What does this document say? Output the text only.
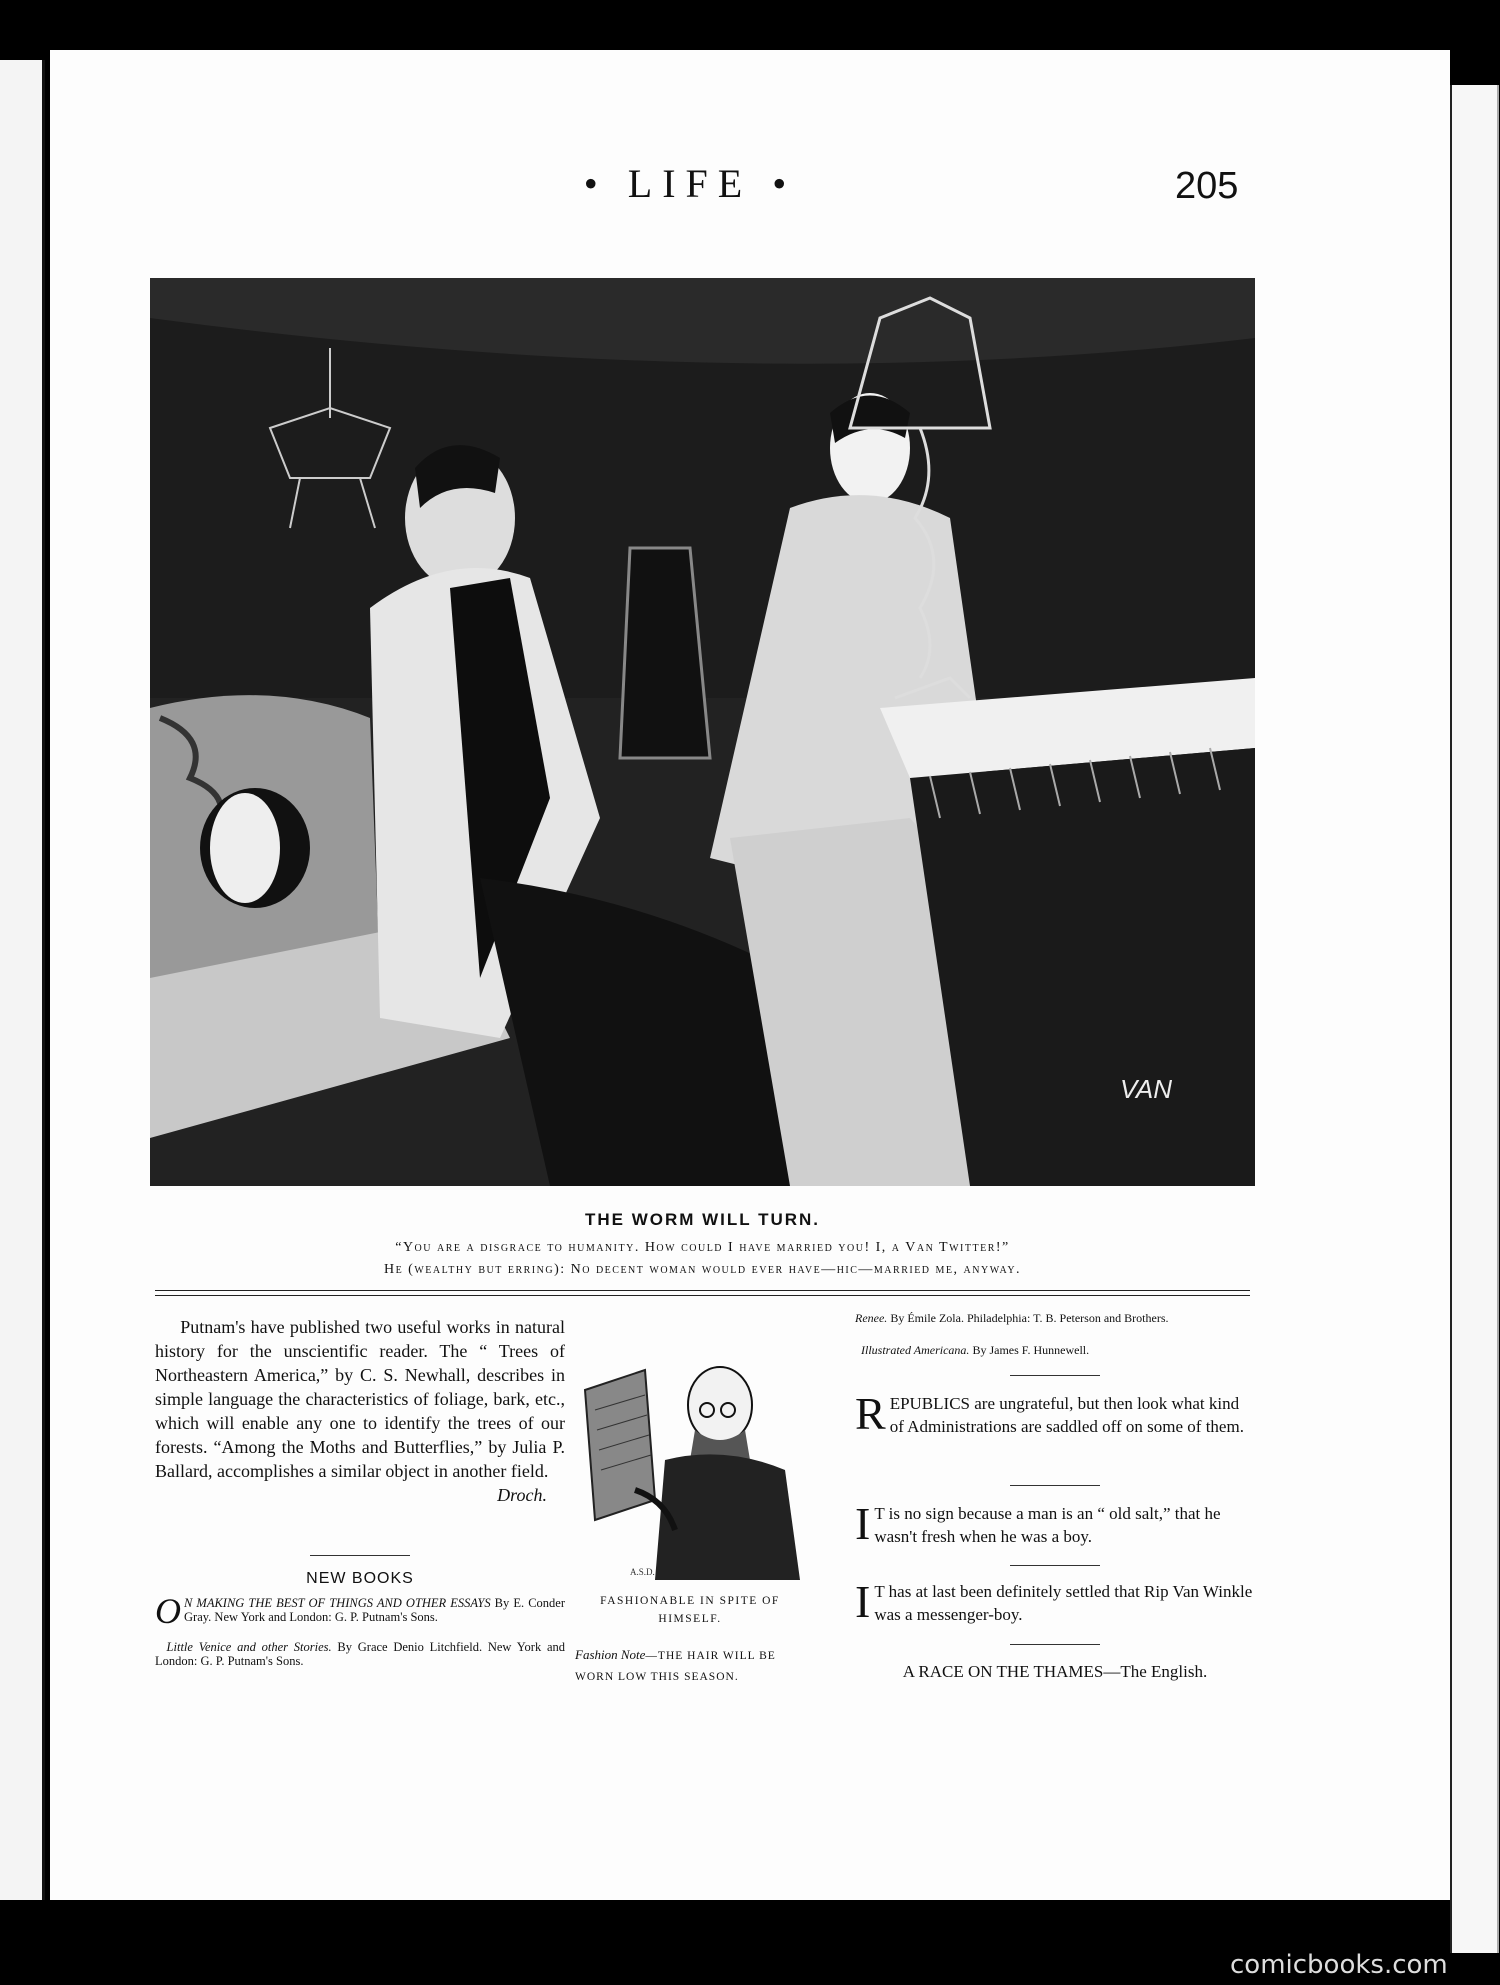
• LIFE •	205
VAN
THE WORM WILL TURN.
“You are a disgrace to humanity. How could I have married you! I, a Van Twitter!”
He (wealthy but erring): No decent woman would ever have—hic—married me, anyway.

Putnam's have published two useful works in natural history for the unscientific reader. The “ Trees of Northeastern America,” by C. S. Newhall, describes in simple language the characteristics of foliage, bark, etc., which will enable any one to identify the trees of our forests. “Among the Moths and Butterflies,” by Julia P. Ballard, accomplishes a similar object in another field.
Droch.

NEW BOOKS
O N MAKING THE BEST OF THINGS AND OTHER ESSAYS By E. Conder Gray. New York and London: G. P. Putnam's Sons.
Little Venice and other Stories. By Grace Denio Litchfield. New York and London: G. P. Putnam's Sons.
A.S.D.
FASHIONABLE IN SPITE OF HIMSELF.
Fashion Note—THE HAIR WILL BE WORN LOW THIS SEASON.
Renee. By Émile Zola. Philadelphia: T. B. Peterson and Brothers.
Illustrated Americana. By James F. Hunnewell.
REPUBLICS are ungrateful, but then look what kind of Administrations are saddled off on some of them.
I T is no sign because a man is an “ old salt,” that he wasn't fresh when he was a boy.
I T has at last been definitely settled that Rip Van Winkle was a messenger-boy.
A RACE ON THE THAMES—The English.
comicbooks.com
